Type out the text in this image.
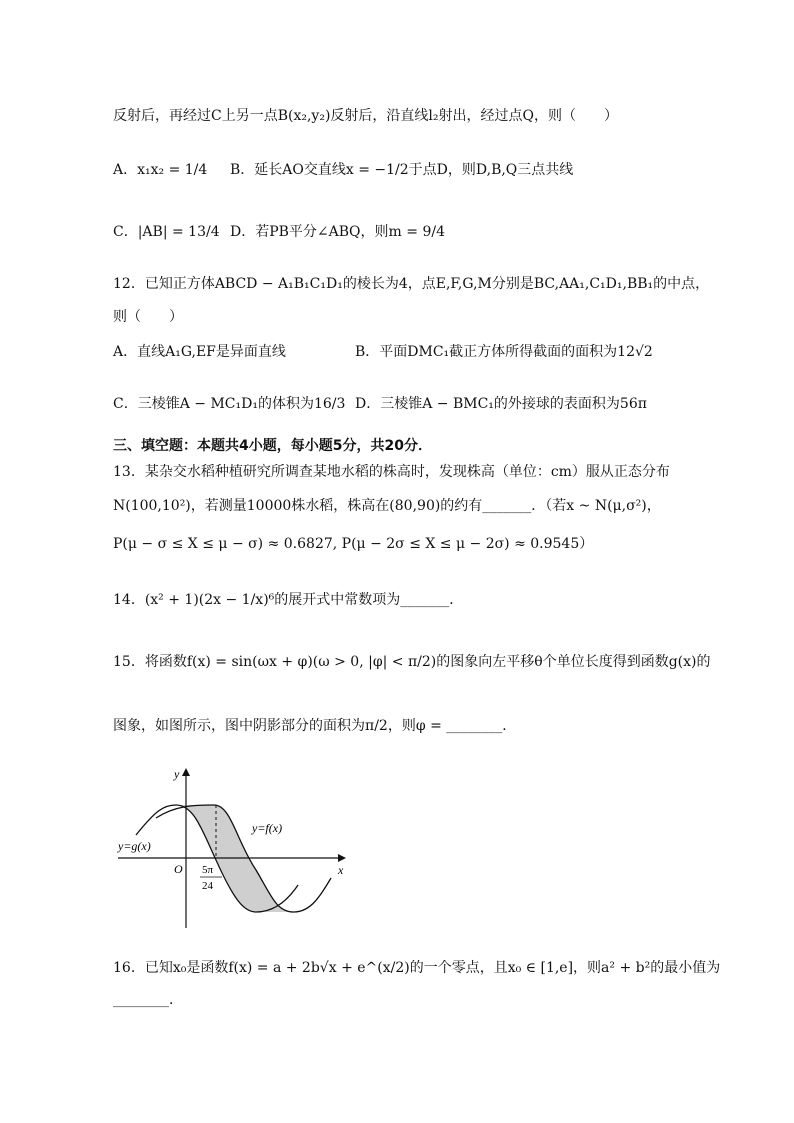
反射后，再经过C上另一点B(x₂,y₂)反射后，沿直线l₂射出，经过点Q，则（　　）
A．x₁x₂ = 1/4	B．延长AO交直线x = −1/2于点D，则D,B,Q三点共线
C．|AB| = 13/4 D．若PB平分∠ABQ，则m = 9/4
12．已知正方体ABCD − A₁B₁C₁D₁的棱长为4，点E,F,G,M分别是BC,AA₁,C₁D₁,BB₁的中点，
则（　　）
A．直线A₁G,EF是异面直线	B．平面DMC₁截正方体所得截面的面积为12√2
C．三棱锥A − MC₁D₁的体积为16/3 D．三棱锥A − BMC₁的外接球的表面积为56π
三、填空题：本题共4小题，每小题5分，共20分．
13．某杂交水稻种植研究所调查某地水稻的株高时，发现株高（单位：cm）服从正态分布
N(100,10²)，若测量10000株水稻，株高在(80,90)的约有_______．（若x ~ N(μ,σ²)，
P(μ − σ ≤ X ≤ μ − σ) ≈ 0.6827, P(μ − 2σ ≤ X ≤ μ − 2σ) ≈ 0.9545）
14．(x² + 1)(2x − 1/x)⁶的展开式中常数项为_______．
15．将函数f(x) = sin(ωx + φ)(ω > 0, |φ| < π/2)的图象向左平移θ个单位长度得到函数g(x)的
图象，如图所示，图中阴影部分的面积为π/2，则φ = ________．
y
x
O
y=g(x)
y=f(x)
5π
24
16．已知x₀是函数f(x) = a + 2b√x + e^(x/2)的一个零点，且x₀ ∈ [1,e]，则a² + b²的最小值为
________．
